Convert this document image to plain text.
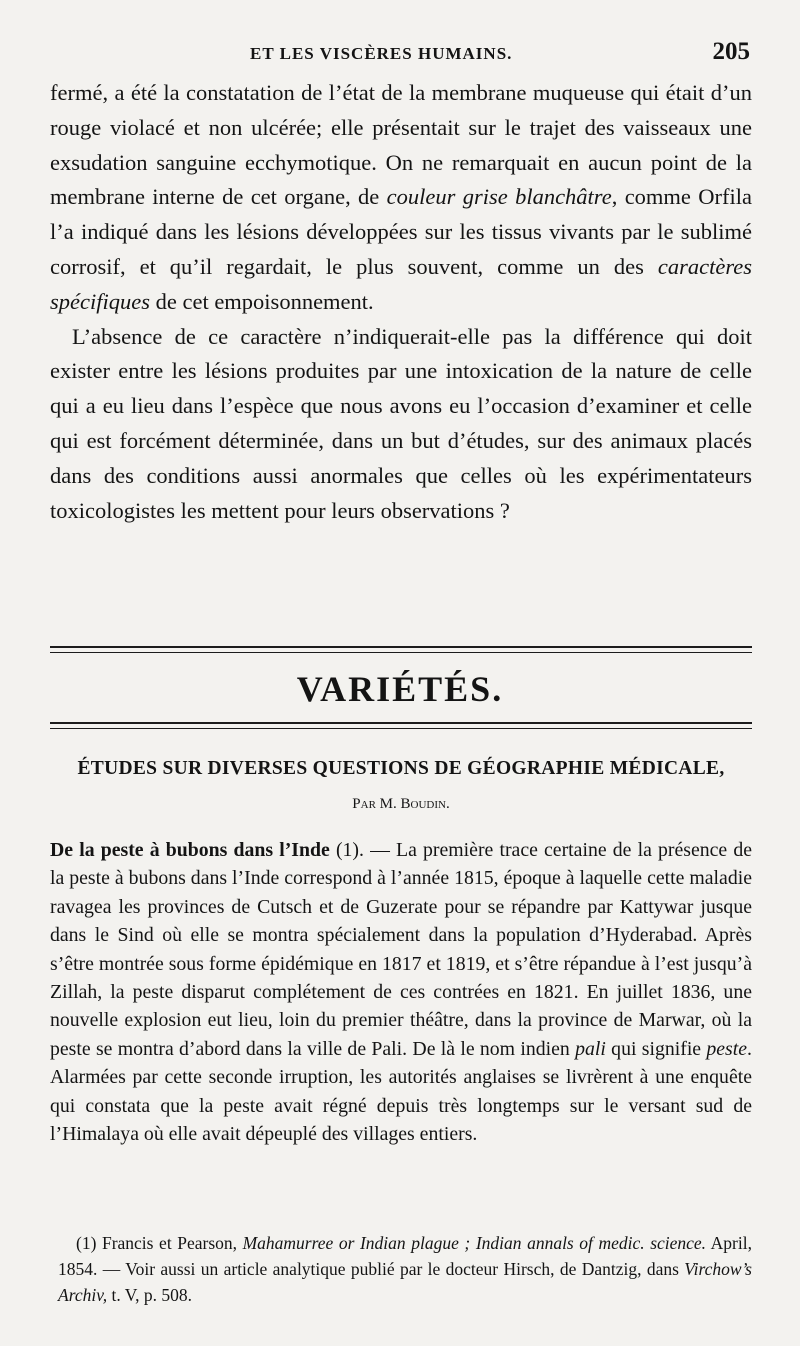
ET LES VISCÈRES HUMAINS.	205

fermé, a été la constatation de l’état de la membrane muqueuse qui était d’un rouge violacé et non ulcérée; elle présentait sur le trajet des vaisseaux une exsudation sanguine ecchymotique. On ne remarquait en aucun point de la membrane interne de cet organe, de couleur grise blanchâtre, comme Orfila l’a indiqué dans les lésions développées sur les tissus vivants par le sublimé corrosif, et qu’il regardait, le plus souvent, comme un des caractères spécifiques de cet empoisonnement.

L’absence de ce caractère n’indiquerait-elle pas la différence qui doit exister entre les lésions produites par une intoxication de la nature de celle qui a eu lieu dans l’espèce que nous avons eu l’occasion d’examiner et celle qui est forcément déterminée, dans un but d’études, sur des animaux placés dans des conditions aussi anormales que celles où les expérimentateurs toxicologistes les mettent pour leurs observations ?

VARIÉTÉS.
ÉTUDES SUR DIVERSES QUESTIONS DE GÉOGRAPHIE MÉDICALE,
Par M. Boudin.

De la peste à bubons dans l’Inde (1). — La première trace certaine de la présence de la peste à bubons dans l’Inde correspond à l’année 1815, époque à laquelle cette maladie ravagea les provinces de Cutsch et de Guzerate pour se répandre par Kattywar jusque dans le Sind où elle se montra spécialement dans la population d’Hyderabad. Après s’être montrée sous forme épidémique en 1817 et 1819, et s’être répandue à l’est jusqu’à Zillah, la peste disparut complétement de ces contrées en 1821. En juillet 1836, une nouvelle explosion eut lieu, loin du premier théâtre, dans la province de Marwar, où la peste se montra d’abord dans la ville de Pali. De là le nom indien pali qui signifie peste. Alarmées par cette seconde irruption, les autorités anglaises se livrèrent à une enquête qui constata que la peste avait régné depuis très longtemps sur le versant sud de l’Himalaya où elle avait dépeuplé des villages entiers.

(1) Francis et Pearson, Mahamurree or Indian plague ; Indian annals of medic. science. April, 1854. — Voir aussi un article analytique publié par le docteur Hirsch, de Dantzig, dans Virchow’s Archiv, t. V, p. 508.
